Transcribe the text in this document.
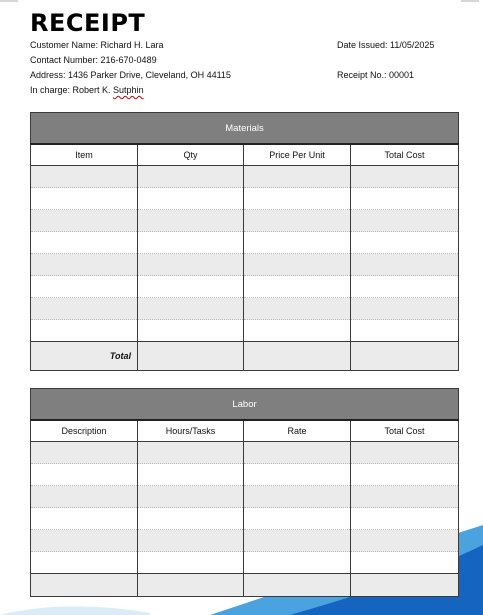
RECEIPT
Customer Name: Richard H. Lara
Contact Number: 216-670-0489
Address: 1436 Parker Drive, Cleveland, OH 44115
In charge: Robert K. Sutphin
Date Issued: 11/05/2025
Receipt No.: 00001
Materials			
Item	Qty	Price Per Unit	Total Cost

Total			
Labor			
Description	Hours/Tasks	Rate	Total Cost
